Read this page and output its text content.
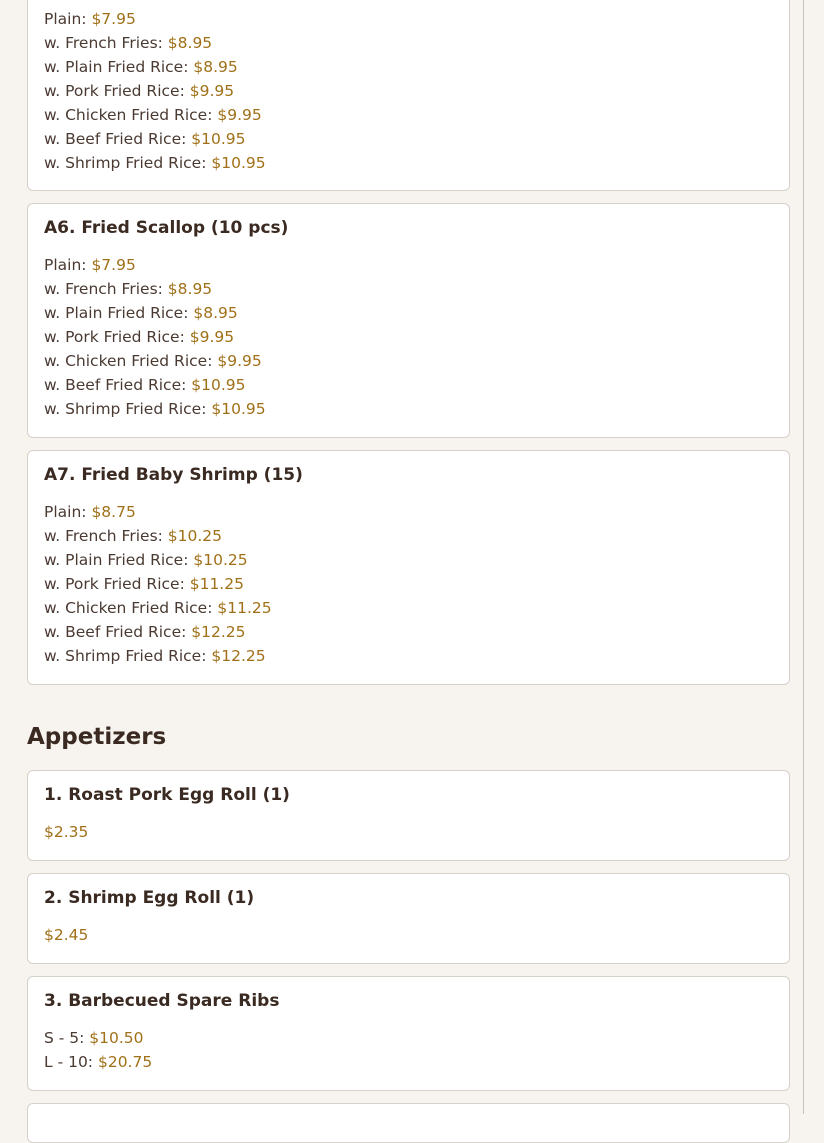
Plain: $7.95
w. French Fries: $8.95
w. Plain Fried Rice: $8.95
w. Pork Fried Rice: $9.95
w. Chicken Fried Rice: $9.95
w. Beef Fried Rice: $10.95
w. Shrimp Fried Rice: $10.95
A6. Fried Scallop (10 pcs)
Plain: $7.95
w. French Fries: $8.95
w. Plain Fried Rice: $8.95
w. Pork Fried Rice: $9.95
w. Chicken Fried Rice: $9.95
w. Beef Fried Rice: $10.95
w. Shrimp Fried Rice: $10.95
A7. Fried Baby Shrimp (15)
Plain: $8.75
w. French Fries: $10.25
w. Plain Fried Rice: $10.25
w. Pork Fried Rice: $11.25
w. Chicken Fried Rice: $11.25
w. Beef Fried Rice: $12.25
w. Shrimp Fried Rice: $12.25
Appetizers
1. Roast Pork Egg Roll (1)
$2.35
2. Shrimp Egg Roll (1)
$2.45
3. Barbecued Spare Ribs
S - 5: $10.50
L - 10: $20.75
